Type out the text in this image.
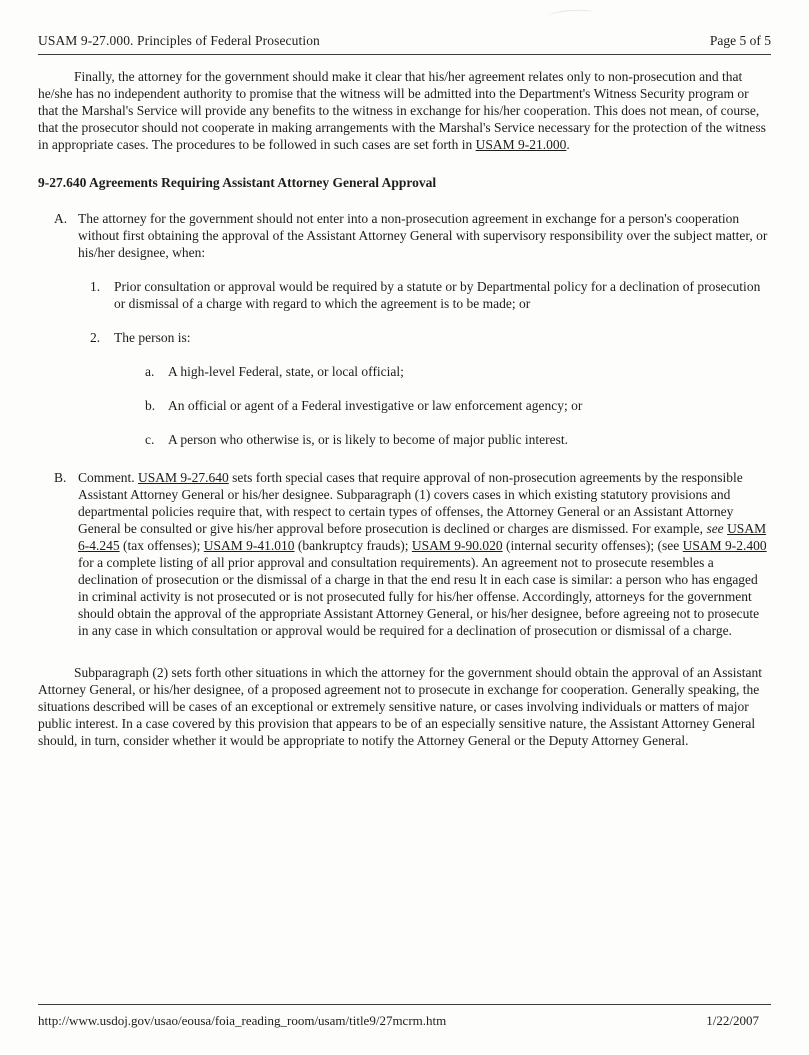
USAM 9-27.000. Principles of Federal Prosecution	Page 5 of 5

Finally, the attorney for the government should make it clear that his/her agreement relates only to non-prosecution and that he/she has no independent authority to promise that the witness will be admitted into the Department's Witness Security program or that the Marshal's Service will provide any benefits to the witness in exchange for his/her cooperation. This does not mean, of course, that the prosecutor should not cooperate in making arrangements with the Marshal's Service necessary for the protection of the witness in appropriate cases. The procedures to be followed in such cases are set forth in USAM 9-21.000.

9-27.640 Agreements Requiring Assistant Attorney General Approval

A. The attorney for the government should not enter into a non-prosecution agreement in exchange for a person's cooperation without first obtaining the approval of the Assistant Attorney General with supervisory responsibility over the subject matter, or his/her designee, when:

1.	Prior consultation or approval would be required by a statute or by Departmental policy for a declination of prosecution or dismissal of a charge with regard to which the agreement is to be made; or
2.	The person is:

a.	A high-level Federal, state, or local official;
b. An official or agent of a Federal investigative or law enforcement agency; or
c.	A person who otherwise is, or is likely to become of major public interest.
B. Comment. USAM 9-27.640 sets forth special cases that require approval of non-prosecution agreements by the responsible Assistant Attorney General or his/her designee. Subparagraph (1) covers cases in which existing statutory provisions and departmental policies require that, with respect to certain types of offenses, the Attorney General or an Assistant Attorney General be consulted or give his/her approval before prosecution is declined or charges are dismissed. For example, see USAM 6-4.245 (tax offenses); USAM 9-41.010 (bankruptcy frauds); USAM 9-90.020 (internal security offenses); (see USAM 9-2.400 for a complete listing of all prior approval and consultation requirements). An agreement not to prosecute resembles a declination of prosecution or the dismissal of a charge in that the end resu lt in each case is similar: a person who has engaged in criminal activity is not prosecuted or is not prosecuted fully for his/her offense. Accordingly, attorneys for the government should obtain the approval of the appropriate Assistant Attorney General, or his/her designee, before agreeing not to prosecute in any case in which consultation or approval would be required for a declination of prosecution or dismissal of a charge.

Subparagraph (2) sets forth other situations in which the attorney for the government should obtain the approval of an Assistant Attorney General, or his/her designee, of a proposed agreement not to prosecute in exchange for cooperation. Generally speaking, the situations described will be cases of an exceptional or extremely sensitive nature, or cases involving individuals or matters of major public interest. In a case covered by this provision that appears to be of an especially sensitive nature, the Assistant Attorney General should, in turn, consider whether it would be appropriate to notify the Attorney General or the Deputy Attorney General.

http://www.usdoj.gov/usao/eousa/foia_reading_room/usam/title9/27mcrm.htm	1/22/2007
